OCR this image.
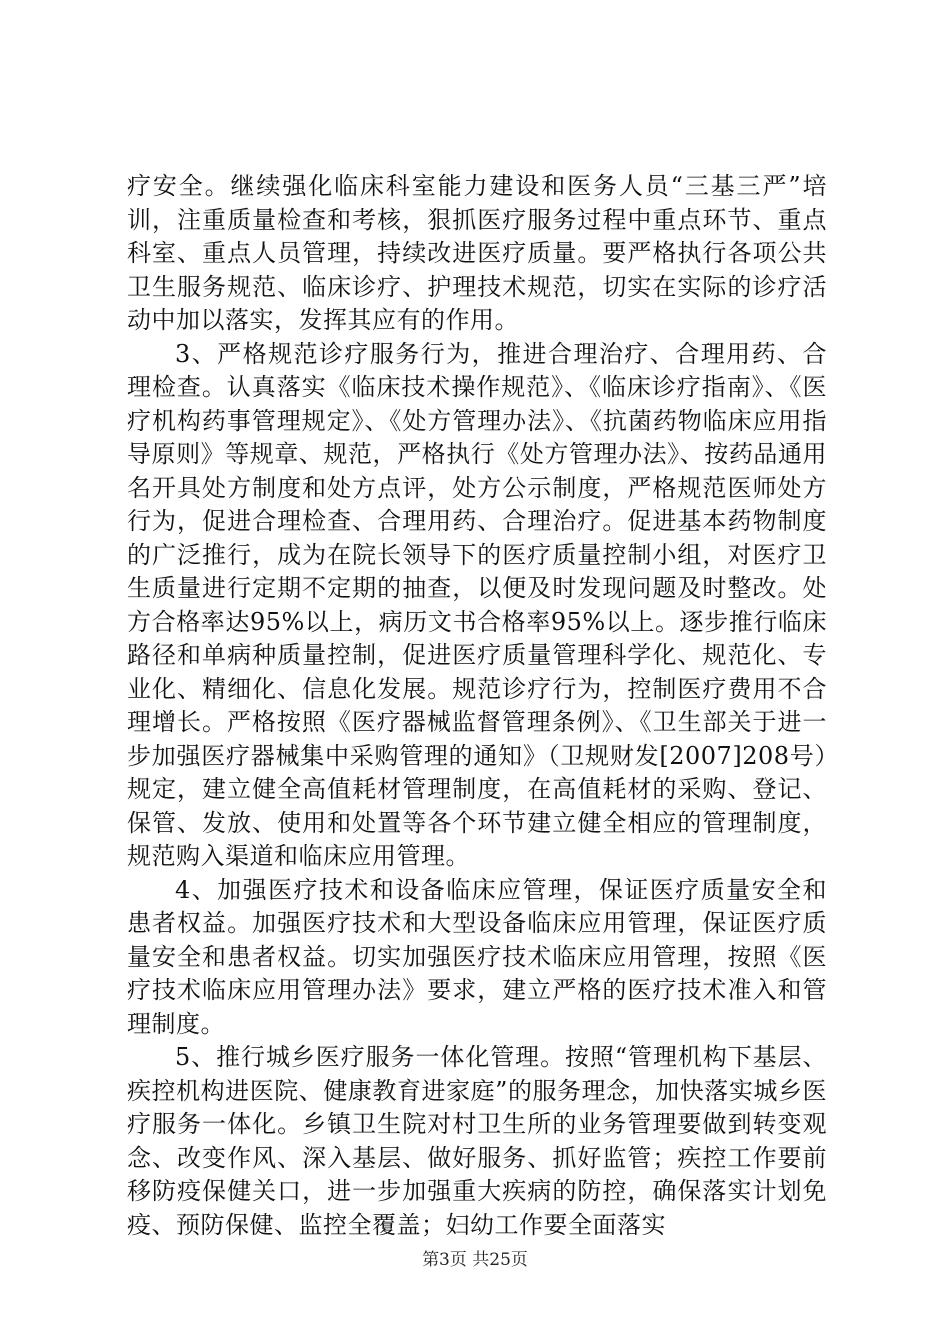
疗安全。继续强化临床科室能力建设和医务人员“三基三严”培训，注重质量检查和考核，狠抓医疗服务过程中重点环节、重点科室、重点人员管理，持续改进医疗质量。要严格执行各项公共卫生服务规范、临床诊疗、护理技术规范，切实在实际的诊疗活动中加以落实，发挥其应有的作用。

3、严格规范诊疗服务行为，推进合理治疗、合理用药、合理检查。认真落实《临床技术操作规范》、《临床诊疗指南》、《医疗机构药事管理规定》、《处方管理办法》、《抗菌药物临床应用指导原则》等规章、规范，严格执行《处方管理办法》、按药品通用名开具处方制度和处方点评，处方公示制度，严格规范医师处方行为，促进合理检查、合理用药、合理治疗。促进基本药物制度的广泛推行，成为在院长领导下的医疗质量控制小组，对医疗卫生质量进行定期不定期的抽查，以便及时发现问题及时整改。处方合格率达95%以上，病历文书合格率95%以上。逐步推行临床路径和单病种质量控制，促进医疗质量管理科学化、规范化、专业化、精细化、信息化发展。规范诊疗行为，控制医疗费用不合理增长。严格按照《医疗器械监督管理条例》、《卫生部关于进一步加强医疗器械集中采购管理的通知》（卫规财发[2007]208号）规定，建立健全高值耗材管理制度，在高值耗材的采购、登记、保管、发放、使用和处置等各个环节建立健全相应的管理制度，规范购入渠道和临床应用管理。

4、加强医疗技术和设备临床应管理，保证医疗质量安全和患者权益。加强医疗技术和大型设备临床应用管理，保证医疗质量安全和患者权益。切实加强医疗技术临床应用管理，按照《医疗技术临床应用管理办法》要求，建立严格的医疗技术准入和管理制度。

5、推行城乡医疗服务一体化管理。按照“管理机构下基层、疾控机构进医院、健康教育进家庭”的服务理念，加快落实城乡医疗服务一体化。乡镇卫生院对村卫生所的业务管理要做到转变观念、改变作风、深入基层、做好服务、抓好监管；疾控工作要前移防疫保健关口，进一步加强重大疾病的防控，确保落实计划免疫、预防保健、监控全覆盖；妇幼工作要全面落实

第3页 共25页
